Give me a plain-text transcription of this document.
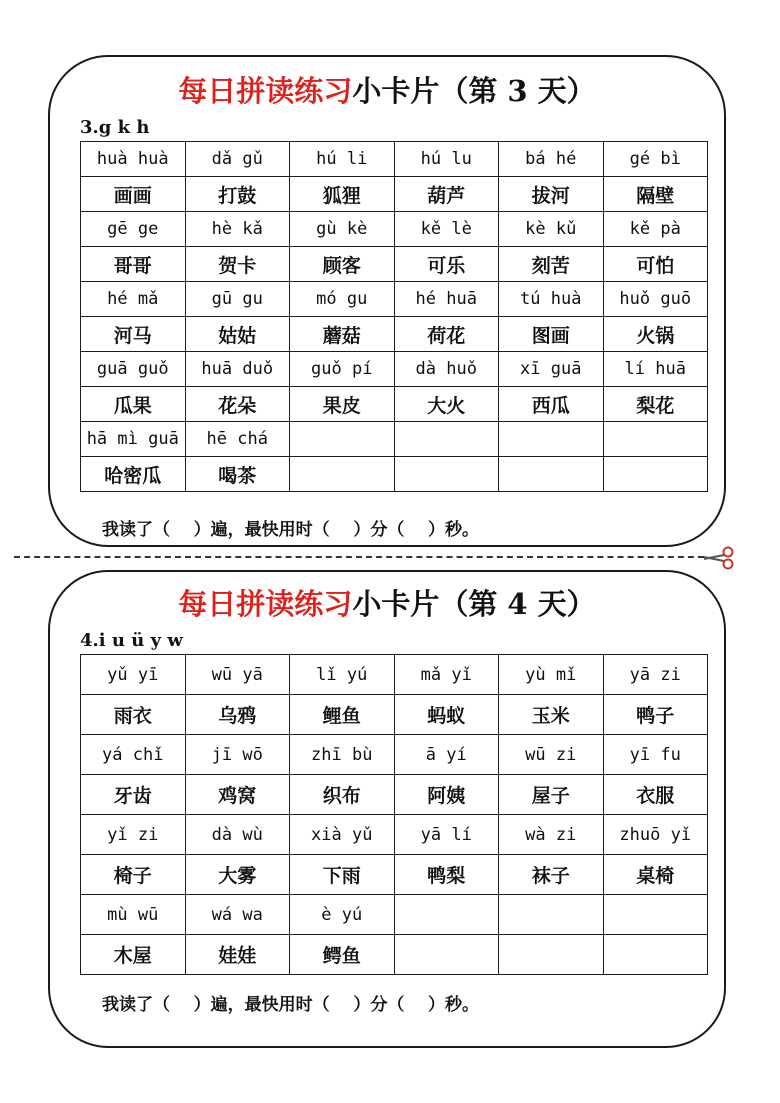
每日拼读练习小卡片（第 3 天）
3.g k h
huà huà	dǎ gǔ	hú li	hú lu	bá hé	gé bì
画画	打鼓	狐狸	葫芦	拔河	隔壁
gē ge	hè kǎ	gù kè	kě lè	kè kǔ	kě pà
哥哥	贺卡	顾客	可乐	刻苦	可怕
hé mǎ	gū gu	mó gu	hé huā	tú huà	huǒ guō
河马	姑姑	蘑菇	荷花	图画	火锅
guā guǒ	huā duǒ	guǒ pí	dà huǒ	xī guā	lí huā
瓜果	花朵	果皮	大火	西瓜	梨花
hā mì guā	hē chá				
哈密瓜	喝茶				
我读了（    ）遍，最快用时（    ）分（    ）秒。
每日拼读练习小卡片（第 4 天）
4.i u ü y w
yǔ yī	wū yā	lǐ yú	mǎ yǐ	yù mǐ	yā zi
雨衣	乌鸦	鲤鱼	蚂蚁	玉米	鸭子
yá chǐ	jī wō	zhī bù	ā yí	wū zi	yī fu
牙齿	鸡窝	织布	阿姨	屋子	衣服
yǐ zi	dà wù	xià yǔ	yā lí	wà zi	zhuō yǐ
椅子	大雾	下雨	鸭梨	袜子	桌椅
mù wū	wá wa	è yú			
木屋	娃娃	鳄鱼			
我读了（    ）遍，最快用时（    ）分（    ）秒。
